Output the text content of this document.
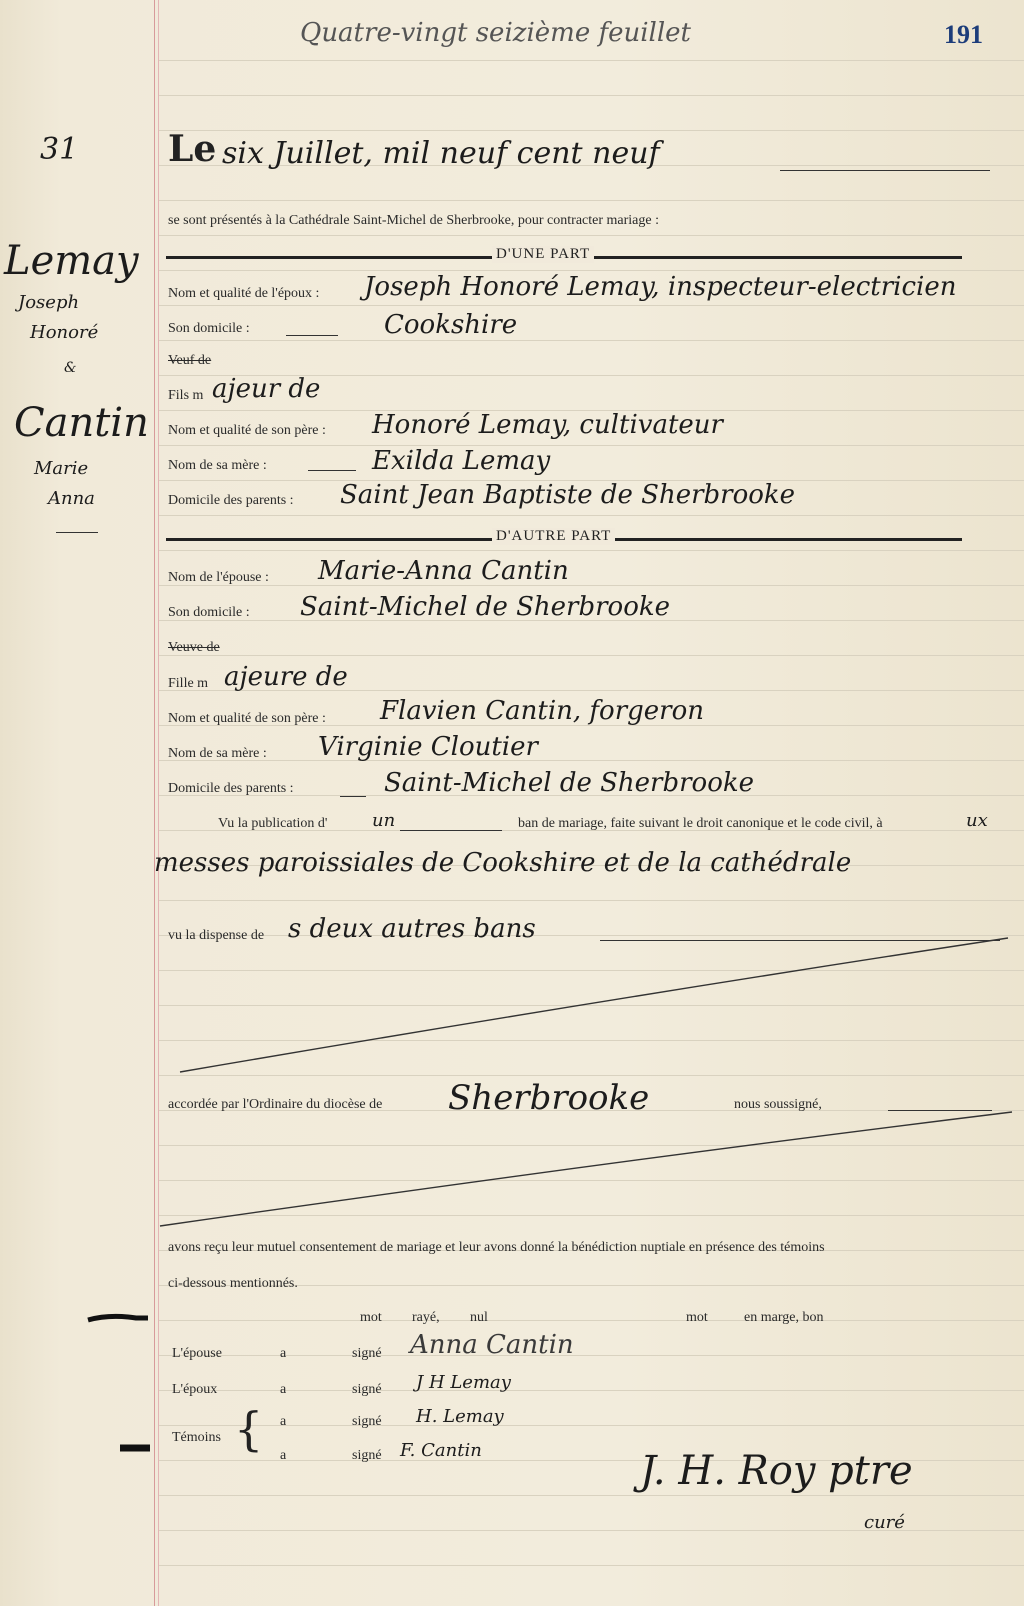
Quatre-vingt seizième feuillet	191
31 Le six Juillet, mil neuf cent neuf
se sont présentés à la Cathédrale Saint-Michel de Sherbrooke, pour contracter mariage :
Lemay
Joseph
Honoré
&
Cantin
Marie
Anna
D'UNE PART
Nom et qualité de l'époux : Joseph Honoré Lemay, inspecteur-electricien
Son domicile :	Cookshire
Veuf de
Fils m ajeur de
Nom et qualité de son père : Honoré Lemay, cultivateur
Nom de sa mère :	Exilda Lemay
Domicile des parents : Saint Jean Baptiste de Sherbrooke
D'AUTRE PART
Nom de l'épouse : Marie-Anna Cantin
Son domicile : Saint-Michel de Sherbrooke
Veuve de
Fille m ajeure de
Nom et qualité de son père : Flavien Cantin, forgeron
Nom de sa mère : Virginie Cloutier
Domicile des parents :	Saint-Michel de Sherbrooke
Vu la publication d' un	ban de mariage, faite suivant le droit canonique et le code civil, à	ux
messes paroissiales de Cookshire et de la cathédrale
vu la dispense de s deux autres bans
accordée par l'Ordinaire du diocèse de Sherbrooke	nous soussigné,
avons reçu leur mutuel consentement de mariage et leur avons donné la bénédiction nuptiale en présence des témoins
ci-dessous mentionnés.
mot rayé, nul	mot	en marge, bon
L'épouse	a	signé Anna Cantin
L'époux	a	signé J H Lemay
Témoins { a	signé H. Lemay
a	signé F. Cantin	J. H. Roy ptre
curé
